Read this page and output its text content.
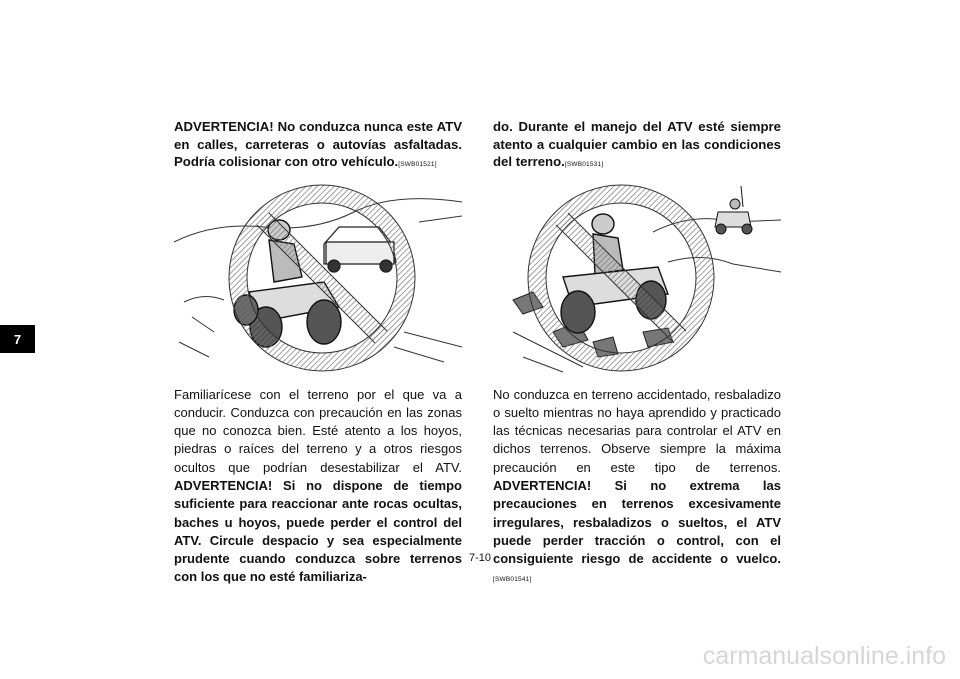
7

ADVERTENCIA! No conduzca nunca este ATV en calles, carreteras o autovías asfaltadas. Podría colisionar con otro vehículo.[SWB01521]

Familiarícese con el terreno por el que va a conducir. Conduzca con precaución en las zonas que no conozca bien. Esté atento a los hoyos, piedras o raíces del terreno y a otros riesgos ocultos que podrían desestabilizar el ATV. ADVERTENCIA! Si no dispone de tiempo suficiente para reaccionar ante rocas ocultas, baches u hoyos, puede perder el control del ATV. Circule despacio y sea especialmente prudente cuando conduzca sobre terrenos con los que no esté familiariza-

do. Durante el manejo del ATV esté siempre atento a cualquier cambio en las condiciones del terreno.[SWB01531]

No conduzca en terreno accidentado, resbaladizo o suelto mientras no haya aprendido y practicado las técnicas necesarias para controlar el ATV en dichos terrenos. Observe siempre la máxima precaución en este tipo de terrenos. ADVERTENCIA! Si no extrema las precauciones en terrenos excesivamente irregulares, resbaladizos o sueltos, el ATV puede perder tracción o control, con el consiguiente riesgo de accidente o vuelco.[SWB01541]

7-10
carmanualsonline.info
